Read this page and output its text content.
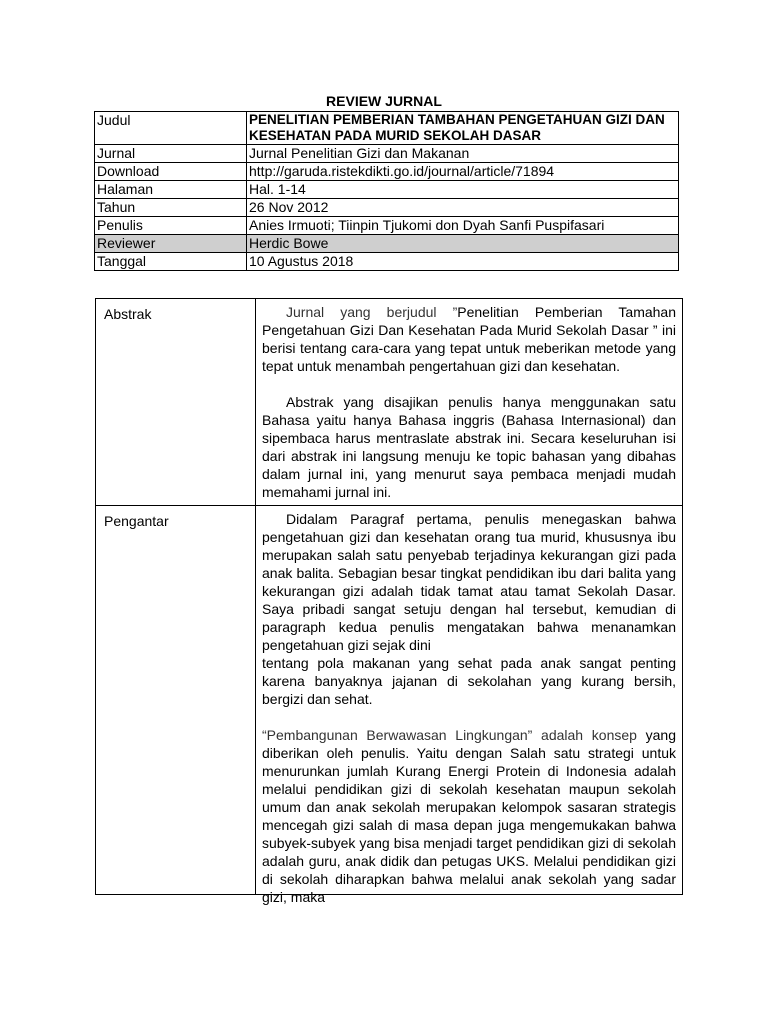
REVIEW JURNAL
Judul	PENELITIAN PEMBERIAN TAMBAHAN PENGETAHUAN GIZI DAN KESEHATAN PADA MURID SEKOLAH DASAR
Jurnal	Jurnal Penelitian Gizi dan Makanan
Download	http://garuda.ristekdikti.go.id/journal/article/71894
Halaman	Hal. 1-14
Tahun	26 Nov 2012
Penulis	Anies Irmuoti; Tiinpin Tjukomi don Dyah Sanfi Puspifasari
Reviewer	Herdic Bowe
Tanggal	10 Agustus 2018
Abstrak	Jurnal yang berjudul ”Penelitian Pemberian Tamahan Pengetahuan Gizi Dan Kesehatan Pada Murid Sekolah Dasar ” ini berisi tentang cara-cara yang tepat untuk meberikan metode yang tepat untuk menambah pengertahuan gizi dan kesehatan.

Abstrak yang disajikan penulis hanya menggunakan satu Bahasa yaitu hanya Bahasa inggris (Bahasa Internasional) dan sipembaca harus mentraslate abstrak ini. Secara keseluruhan isi dari abstrak ini langsung menuju ke topic bahasan yang dibahas dalam jurnal ini, yang menurut saya pembaca menjadi mudah memahami jurnal ini.

Pengantar	Didalam Paragraf pertama, penulis menegaskan bahwa pengetahuan gizi dan kesehatan orang tua murid, khususnya ibu merupakan salah satu penyebab terjadinya kekurangan gizi pada anak balita. Sebagian besar tingkat pendidikan ibu dari balita yang kekurangan gizi adalah tidak tamat atau tamat Sekolah Dasar. Saya pribadi sangat setuju dengan hal tersebut, kemudian di paragraph kedua penulis mengatakan bahwa menanamkan pengetahuan gizi sejak dini

tentang pola makanan yang sehat pada anak sangat penting karena banyaknya jajanan di sekolahan yang kurang bersih, bergizi dan sehat.

“Pembangunan Berwawasan Lingkungan” adalah konsep yang diberikan oleh penulis. Yaitu dengan Salah satu strategi untuk menurunkan jumlah Kurang Energi Protein di Indonesia adalah melalui pendidikan gizi di sekolah kesehatan maupun sekolah umum dan anak sekolah merupakan kelompok sasaran strategis mencegah gizi salah di masa depan juga mengemukakan bahwa subyek-subyek yang bisa menjadi target pendidikan gizi di sekolah adalah guru, anak didik dan petugas UKS. Melalui pendidikan gizi di sekolah diharapkan bahwa melalui anak sekolah yang sadar gizi, maka
